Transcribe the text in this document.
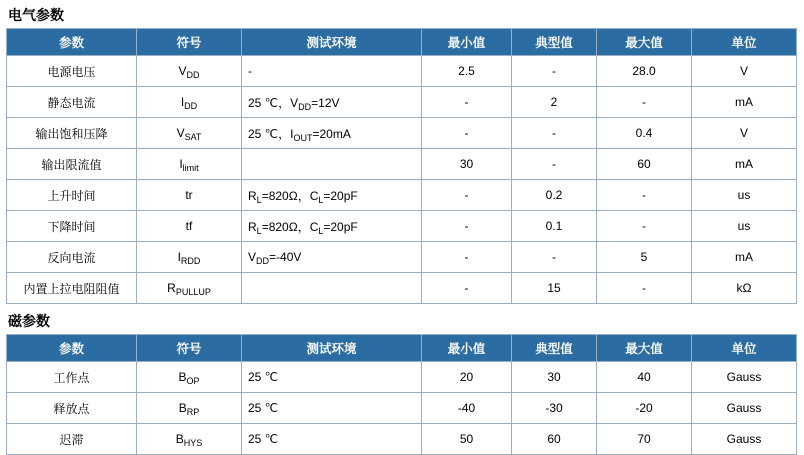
电气参数
参数	符号	测试环境	最小值	典型值	最大值	单位
电源电压	$V_{DD}$	-	2.5	-	28.0	V
静态电流	$I_{DD}$	25 ℃，$V_{DD}=12V$	-	2	-	mA
输出饱和压降	$V_{SAT}$	25 ℃，$I_{OUT}=20mA$	-	-	0.4	V
输出限流值	$I_{limit}$		30	-	60	mA
上升时间	tr	$R_L=820\Omega$，$C_L=20pF$	-	0.2	-	us
下降时间	tf	$R_L=820\Omega$，$C_L=20pF$	-	0.1	-	us
反向电流	$I_{RDD}$	$V_{DD}=-40V$	-	-	5	mA
内置上拉电阻阻值	$R_{PULLUP}$		-	15	-	kΩ
磁参数
参数	符号	测试环境	最小值	典型值	最大值	单位
工作点	$B_{OP}$	25 ℃	20	30	40	Gauss
释放点	$B_{RP}$	25 ℃	-40	-30	-20	Gauss
迟滞	$B_{HYS}$	25 ℃	50	60	70	Gauss
